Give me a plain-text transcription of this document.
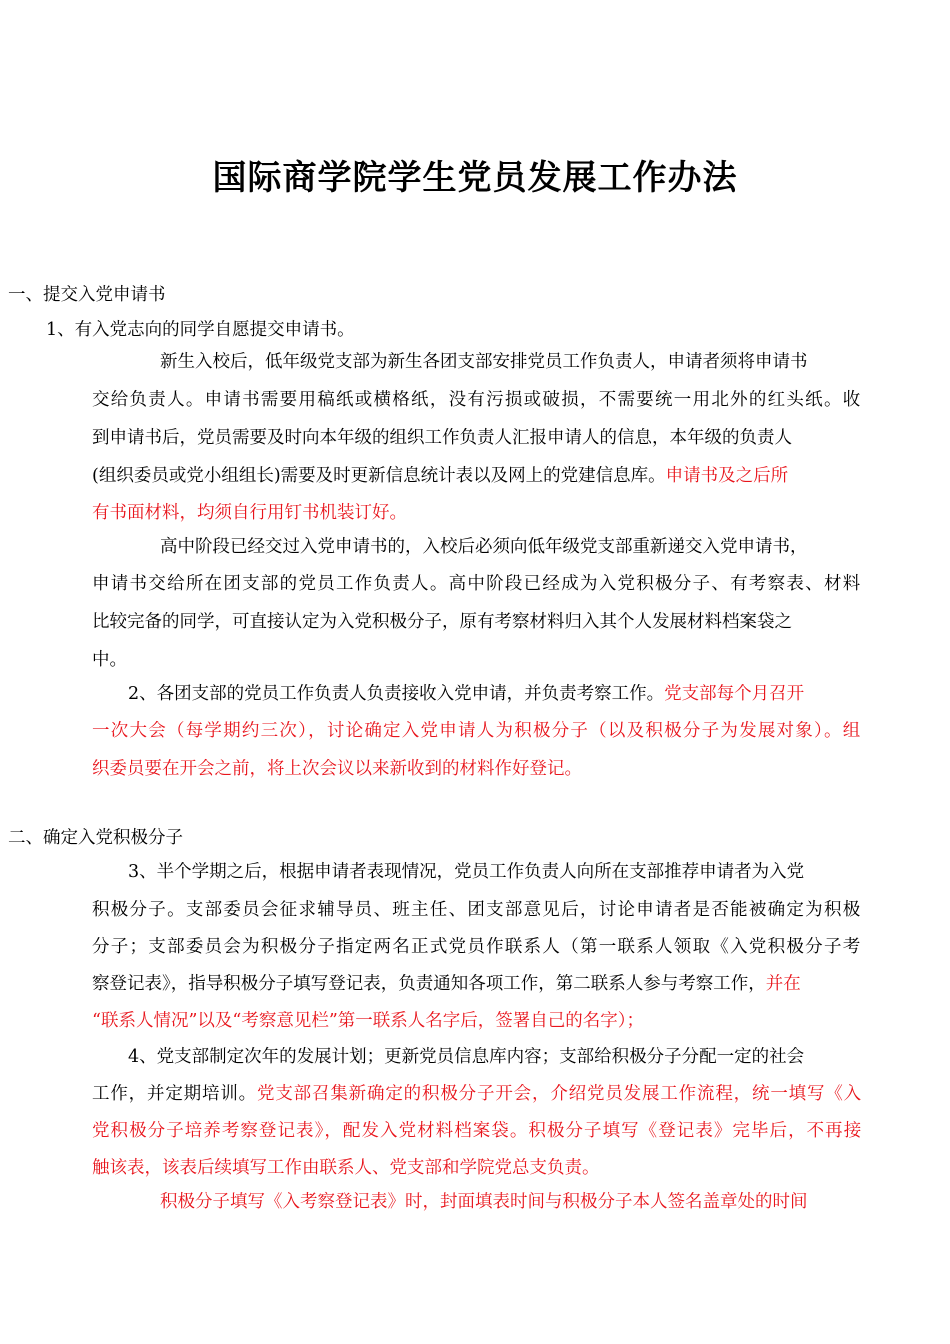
国际商学院学生党员发展工作办法
一、提交入党申请书
1、有入党志向的同学自愿提交申请书。
新生入校后，低年级党支部为新生各团支部安排党员工作负责人，申请者须将申请书
交给负责人。申请书需要用稿纸或横格纸，没有污损或破损，不需要统一用北外的红头纸。收
到申请书后，党员需要及时向本年级的组织工作负责人汇报申请人的信息，本年级的负责人
(组织委员或党小组组长)需要及时更新信息统计表以及网上的党建信息库。申请书及之后所
有书面材料，均须自行用钉书机装订好。
高中阶段已经交过入党申请书的，入校后必须向低年级党支部重新递交入党申请书，
申请书交给所在团支部的党员工作负责人。高中阶段已经成为入党积极分子、有考察表、材料
比较完备的同学，可直接认定为入党积极分子，原有考察材料归入其个人发展材料档案袋之
中。
2、各团支部的党员工作负责人负责接收入党申请，并负责考察工作。党支部每个月召开
一次大会（每学期约三次），讨论确定入党申请人为积极分子（以及积极分子为发展对象）。组
织委员要在开会之前，将上次会议以来新收到的材料作好登记。
二、确定入党积极分子
3、半个学期之后，根据申请者表现情况，党员工作负责人向所在支部推荐申请者为入党
积极分子。支部委员会征求辅导员、班主任、团支部意见后，讨论申请者是否能被确定为积极
分子；支部委员会为积极分子指定两名正式党员作联系人（第一联系人领取《入党积极分子考
察登记表》，指导积极分子填写登记表，负责通知各项工作，第二联系人参与考察工作，并在
“联系人情况”以及“考察意见栏”第一联系人名字后，签署自己的名字）；
4、党支部制定次年的发展计划；更新党员信息库内容；支部给积极分子分配一定的社会
工作，并定期培训。党支部召集新确定的积极分子开会，介绍党员发展工作流程，统一填写《入
党积极分子培养考察登记表》，配发入党材料档案袋。积极分子填写《登记表》完毕后，不再接
触该表，该表后续填写工作由联系人、党支部和学院党总支负责。
积极分子填写《入考察登记表》时，封面填表时间与积极分子本人签名盖章处的时间
